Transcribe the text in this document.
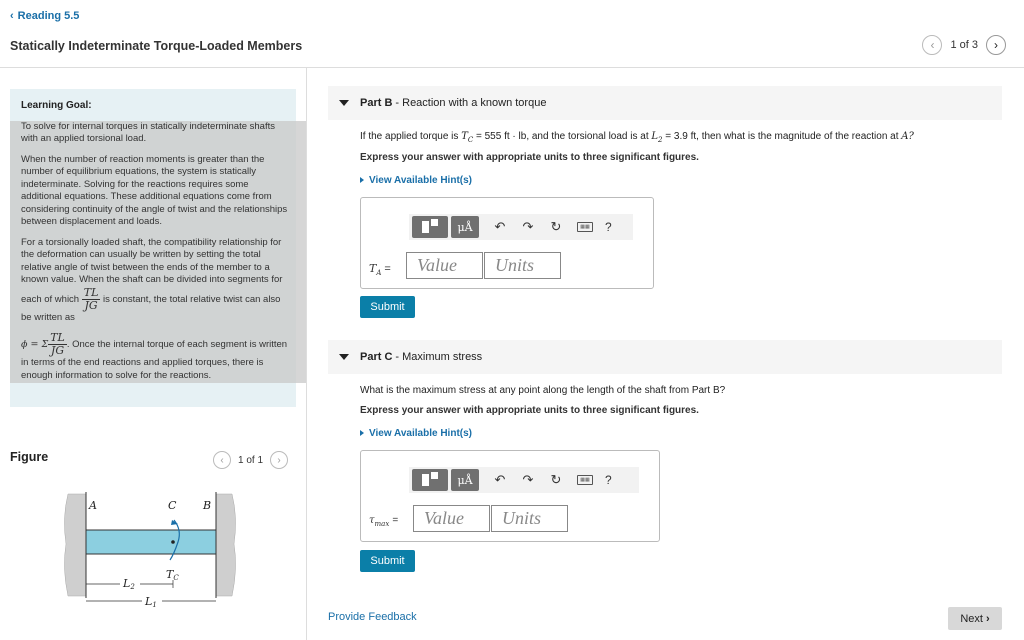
‹ Reading 5.5
Statically Indeterminate Torque-Loaded Members	‹ 1 of 3 ›
Learning Goal:

To solve for internal torques in statically indeterminate shafts with an applied torsional load.

When the number of reaction moments is greater than the number of equilibrium equations, the system is statically indeterminate. Solving for the reactions requires some additional equations. These additional equations come from considering continuity of the angle of twist and the relationships between displacement and loads.

For a torsionally loaded shaft, the compatibility relationship for the deformation can usually be written by setting the total relative angle of twist between the ends of the member to a known value. When the shaft can be divided into segments for each of which $\frac{TL}{JG}$ is constant, the total relative twist can also be written as

ϕ = Σ $\frac{TL}{JG}$ . Once the internal torque of each segment is written in terms of the end reactions and applied torques, there is enough information to solve for the reactions.

Figure	‹ 1 of 1 ›
A	C B
TC
L2
L1
Part B - Reaction with a known torque
If the applied torque is $T_C = 555$ ft · lb, and the torsional load is at $L_2 = 3.9$ ft, then what is the magnitude of the reaction at A?
Express your answer with appropriate units to three significant figures.
View Available Hint(s)
μÅ	↶ ↷ ↻	▦▦ ?
$T_A$ =	Value	Units
Submit
Part C - Maximum stress
What is the maximum stress at any point along the length of the shaft from Part B?
Express your answer with appropriate units to three significant figures.
View Available Hint(s)
μÅ	↶ ↷ ↻	▦▦ ?
$\tau_{max}$ =	Value	Units
Submit
Provide Feedback	Next ›
